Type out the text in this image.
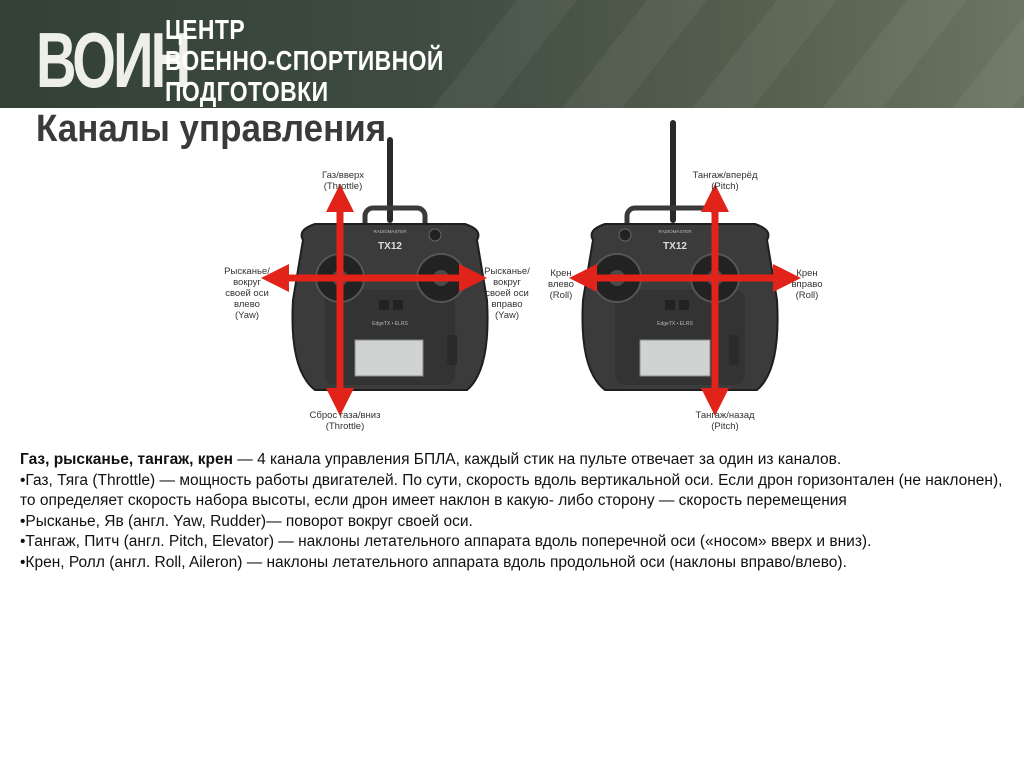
ВОИН
ЦЕНТР
ВОЕННО-СПОРТИВНОЙ
ПОДГОТОВКИ
Каналы управления
TX12
RADIOMASTER
EdgeTX • ELRS
TX12
RADIOMASTER
EdgeTX • ELRS
Газ/вверх
(Throttle)
Сброс газа/вниз
(Throttle)
Рысканье/
вокруг
своей оси
влево
(Yaw)
Рысканье/
вокруг
своей оси
вправо
(Yaw)
Тангаж/вперёд
(Pitch)
Тангаж/назад
(Pitch)
Крен
влево
(Roll)
Крен
вправо
(Roll)

Газ, рысканье, тангаж, крен — 4 канала управления БПЛА, каждый стик на пульте отвечает за один из каналов.

•Газ, Тяга (Throttle) — мощность работы двигателей. По сути, скорость вдоль вертикальной оси. Если дрон горизонтален (не наклонен), то определяет скорость набора высоты, если дрон имеет наклон в какую- либо сторону — скорость перемещения

•Рысканье, Яв (англ. Yaw, Rudder)— поворот вокруг своей оси.

•Тангаж, Питч (англ. Pitch, Elevator) — наклоны летательного аппарата вдоль поперечной оси («носом» вверх и вниз).

•Крен, Ролл (англ. Roll, Aileron) — наклоны летательного аппарата вдоль продольной оси (наклоны вправо/влево).
